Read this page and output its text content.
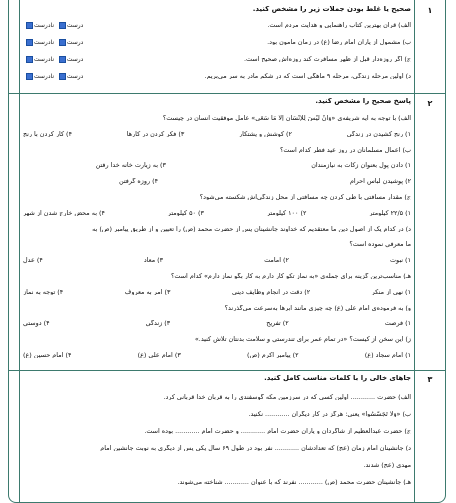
۱
۲
۳
صحیح یا غلط بودن جملات زیر را مشخص کنید.
الف) قرآن بهترین کتاب راهنمایی و هدایت مردم است.
درست  نادرست
ب) مشمول از یاران امام رضا (ع) در زمان مأمون بود.
درست  نادرست
ج) اگر روزه‌دار قبل از ظهر مسافرت کند روزه‌اش صحیح است.
درست  نادرست
د) اولین مرحله زندگی، مرحله ۹ ماهگی است که در شکم مادر به سر می‌بریم.
درست  نادرست
پاسخ صحیح را مشخص کنید.
الف) با توجه به آیه شریفه‌ی «وَأَنْ لَیْسَ لِلْإِنْسَانِ إِلَّا مَا سَعَى» عامل موفقیت انسان در چیست؟
۱) رنج کشیدن در زندگی
۲) کوشش و پشتکار
۳) فکر کردن در کارها
۴) کار کردن با رنج
ب) اعمال مسلمانان در روز عید فطر کدام است؟
۱) دادن پول بعنوان زکات به نیازمندان
۳) به زیارت خانه خدا رفتن
۲) پوشیدن لباس احرام
۴) روزه گرفتن
ج) مقدار مسافتی با طی کردن چه مسافتی از محل زندگی‌اش شکسته می‌شود؟
۱) ۲۲/۵ کیلومتر
۲) ۱۰۰ کیلومتر
۳) ۵۰ کیلومتر
۴) به محض خارج شدن از شهر
د) در کدام یک از اصول دین ما معتقدیم که خداوند جانشینان پس از حضرت محمد (ص) را تعیین و از طریق پیامبر (ص) به
ما معرفی نموده است؟
۱) نبوت
۲) امامت
۳) معاد
۴) عدل
هـ) مناسب‌ترین گزینه برای جمله‌ی «به نماز تکو کار دارم به کار بگو نماز دارم» کدام است؟
۱) نهی از منکر
۲) دقت در انجام وظایف دینی
۳) امر به معروف
۴) توجه به نماز
و) به فرموده‌ی امام علی (ع) چه چیزی مانند ابرها به‌سرعت می‌گذرند؟
۱) فرصت
۲) تفریح
۳) زندگی
۴) دوستی
ز) این سخن از کیست؟ «در تمام عمر برای تندرستی و سلامت بدنتان تلاش کنید.»
۱) امام سجاد (ع)
۲) پیامبر اکرم (ص)
۳) امام علی (ع)
۴) امام حسین (ع)
جاهای خالی را با کلمات مناسب کامل کنید.
الف) حضرت ............ اولین کسی که در سرزمین مکه گوسفندی را به قربان خدا قربانی کرد.
ب) «وَلَا تَجَسَّسُوا» یعنی: هرگز در کار دیگران ............ نکنید.
ج) حضرت عبدالعظیم از شاگردان و یاران حضرت امام ............ و حضرت امام ............ بوده است.
د) جانشینان امام زمان (عج) که تعدادشان ............ نفر بود در طول ۶۹ سال یکی پس از دیگری به نوبت جانشین امام
مهدی (عج) شدند.
هـ) جانشینان حضرت محمد (ص) ............ نفرند که با عنوان ............ شناخته می‌شوند.
